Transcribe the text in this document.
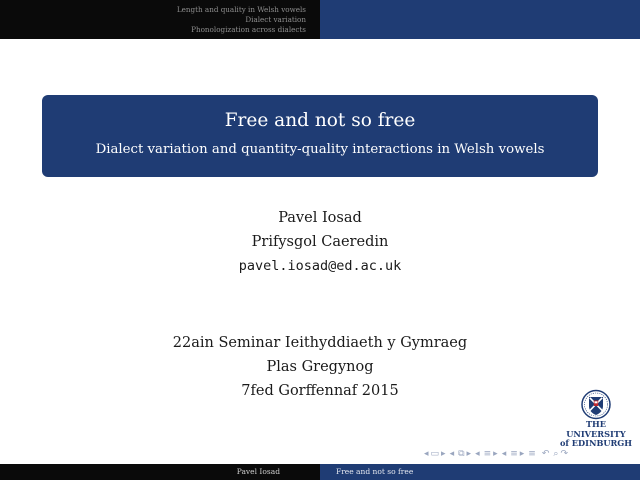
Length and quality in Welsh vowels
Dialect variation
Phonologization across dialects
Free and not so free
Dialect variation and quantity-quality interactions in Welsh vowels
Pavel Iosad
Prifysgol Caeredin
pavel.iosad@ed.ac.uk
22ain Seminar Ieithyddiaeth y Gymraeg
Plas Gregynog
7fed Gorffennaf 2015
THE UNIVERSITY
of EDINBURGH
◂ ▭ ▸ ◂ ⧉ ▸ ◂ ≡ ▸ ◂ ≡ ▸ ≡ ↶ ⌕ ↷
Pavel Iosad	Free and not so free
